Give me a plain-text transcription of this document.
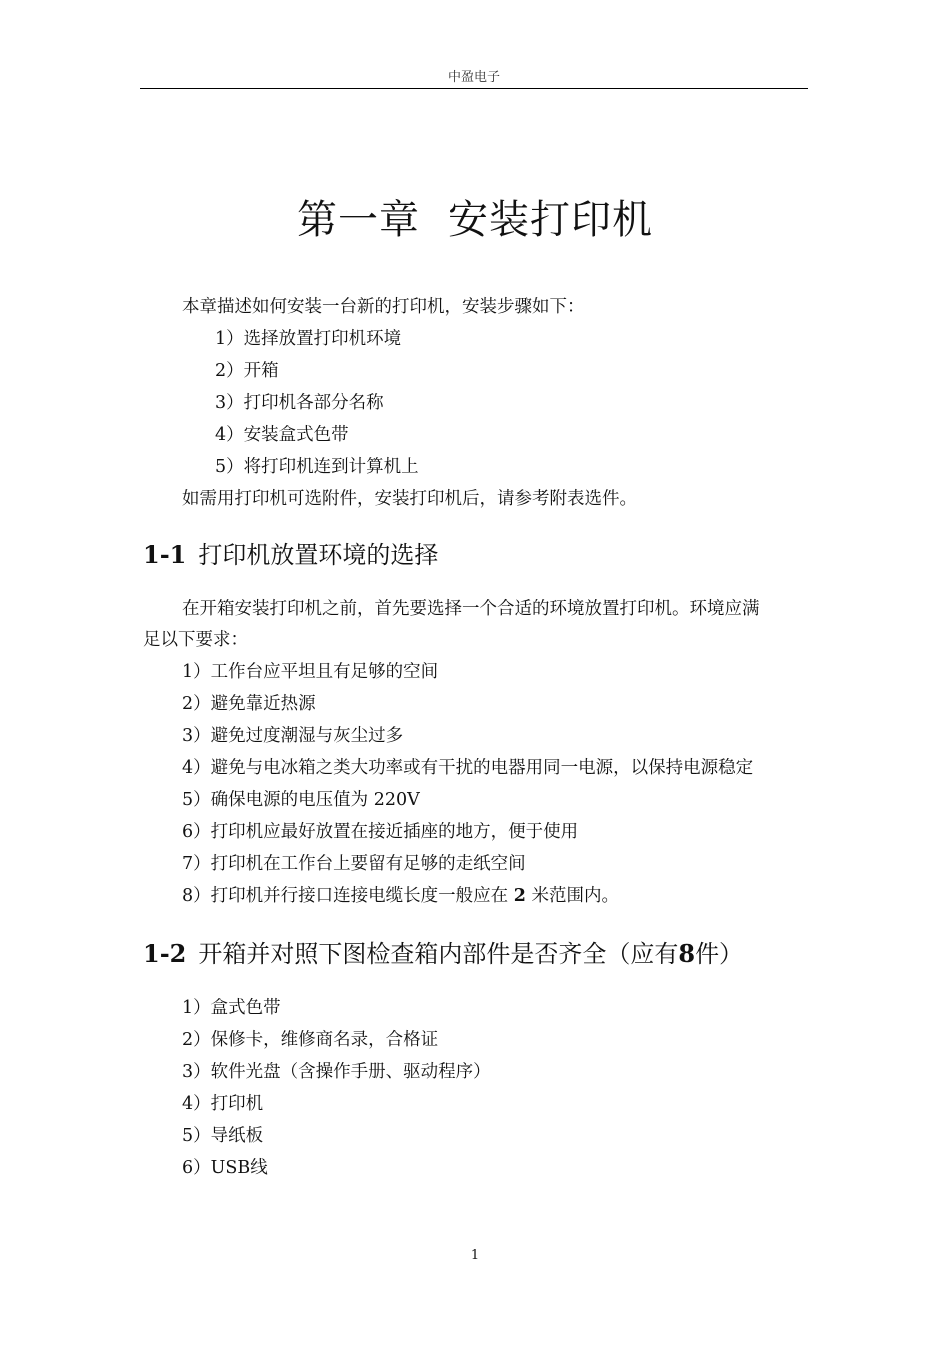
中盈电子
第一章 安装打印机
本章描述如何安装一台新的打印机，安装步骤如下：
1）选择放置打印机环境
2）开箱
3）打印机各部分名称
4）安装盒式色带
5）将打印机连到计算机上
如需用打印机可选附件，安装打印机后，请参考附表选件。
1-1 打印机放置环境的选择
在开箱安装打印机之前，首先要选择一个合适的环境放置打印机。环境应满
足以下要求：
1）工作台应平坦且有足够的空间
2）避免靠近热源
3）避免过度潮湿与灰尘过多
4）避免与电冰箱之类大功率或有干扰的电器用同一电源，以保持电源稳定
5）确保电源的电压值为 220V
6）打印机应最好放置在接近插座的地方，便于使用
7）打印机在工作台上要留有足够的走纸空间
8）打印机并行接口连接电缆长度一般应在 2 米范围内。
1-2 开箱并对照下图检查箱内部件是否齐全（应有8件）
1）盒式色带
2）保修卡，维修商名录，合格证
3）软件光盘（含操作手册、驱动程序）
4）打印机
5）导纸板
6）USB线
1
